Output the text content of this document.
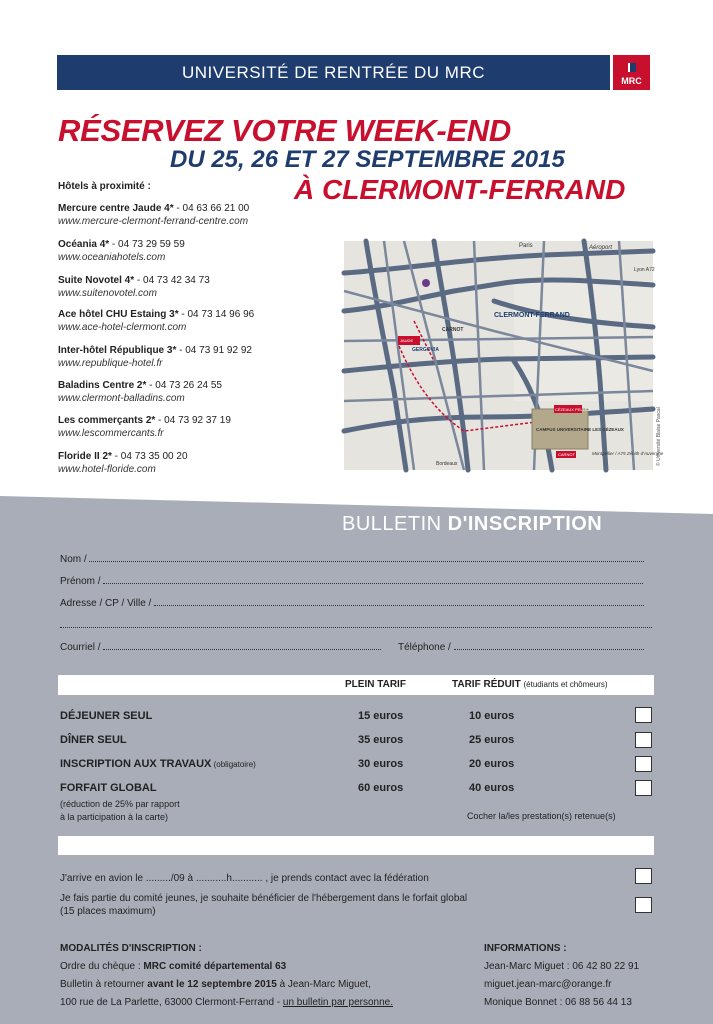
UNIVERSITÉ DE RENTRÉE DU MRC	MRC
RÉSERVEZ VOTRE WEEK-END
DU 25, 26 ET 27 SEPTEMBRE 2015
À CLERMONT-FERRAND
Hôtels à proximité :
Mercure centre Jaude 4* - 04 63 66 21 00
www.mercure-clermont-ferrand-centre.com
Océania 4* - 04 73 29 59 59
www.oceaniahotels.com
Suite Novotel 4* - 04 73 42 34 73
www.suitenovotel.com
Ace hôtel CHU Estaing 3* - 04 73 14 96 96
www.ace-hotel-clermont.com
Inter-hôtel République 3* - 04 73 91 92 92
www.republique-hotel.fr
Baladins Centre 2* - 04 73 26 24 55
www.clermont-balladins.com
Les commerçants 2* - 04 73 92 37 19
www.lescommercants.fr
Floride II 2* - 04 73 35 00 20
www.hotel-floride.com
Paris	Aéroport
Lyon A72
CLERMONT-FERRAND
CARNOT
GERGOVIA
JAUDE
CÉZEAUX PELLEZ
CARNOT
CAMPUS UNIVERSITAIRE LES CÉZEAUX
Montpellier / A75 Zénith d'Auvergne
Bordeaux	© Université Blaise Pascal
BULLETIN D'INSCRIPTION
Nom /
Prénom /
Adresse / CP / Ville /
Courriel /	Téléphone /
PLEIN TARIF	TARIF RÉDUIT (étudiants et chômeurs)
DÉJEUNER SEUL	15 euros	10 euros
DÎNER SEUL	35 euros	25 euros
INSCRIPTION AUX TRAVAUX (obligatoire)	30 euros	20 euros
FORFAIT GLOBAL	60 euros	40 euros
(réduction de 25% par rapport
à la participation à la carte)	Cocher la/les prestation(s) retenue(s)
J'arrive en avion le ........./09 à ...........h........... , je prends contact avec la fédération
Je fais partie du comité jeunes, je souhaite bénéficier de l'hébergement dans le forfait global
(15 places maximum)
MODALITÉS D'INSCRIPTION :
Ordre du chèque : MRC comité départemental 63
Bulletin à retourner avant le 12 septembre 2015 à Jean-Marc Miguet,
100 rue de La Parlette, 63000 Clermont-Ferrand - un bulletin par personne.
INFORMATIONS :
Jean-Marc Miguet : 06 42 80 22 91
miguet.jean-marc@orange.fr
Monique Bonnet : 06 88 56 44 13
